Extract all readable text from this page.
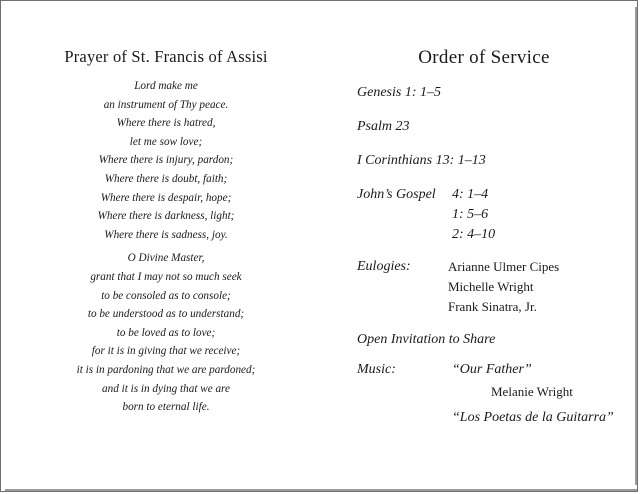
Prayer of St. Francis of Assisi
Lord make me
an instrument of Thy peace.
Where there is hatred,
let me sow love;
Where there is injury, pardon;
Where there is doubt, faith;
Where there is despair, hope;
Where there is darkness, light;
Where there is sadness, joy.
O Divine Master,
grant that I may not so much seek
to be consoled as to console;
to be understood as to understand;
to be loved as to love;
for it is in giving that we receive;
it is in pardoning that we are pardoned;
and it is in dying that we are
born to eternal life.
Order of Service
Genesis 1: 1–5
Psalm 23
I Corinthians 13: 1–13
John’s Gospel 4: 1–4
1: 5–6
2: 4–10
Eulogies:	Arianne Ulmer Cipes
Michelle Wright
Frank Sinatra, Jr.
Open Invitation to Share
Music:	“Our Father”
Melanie Wright
“Los Poetas de la Guitarra”
